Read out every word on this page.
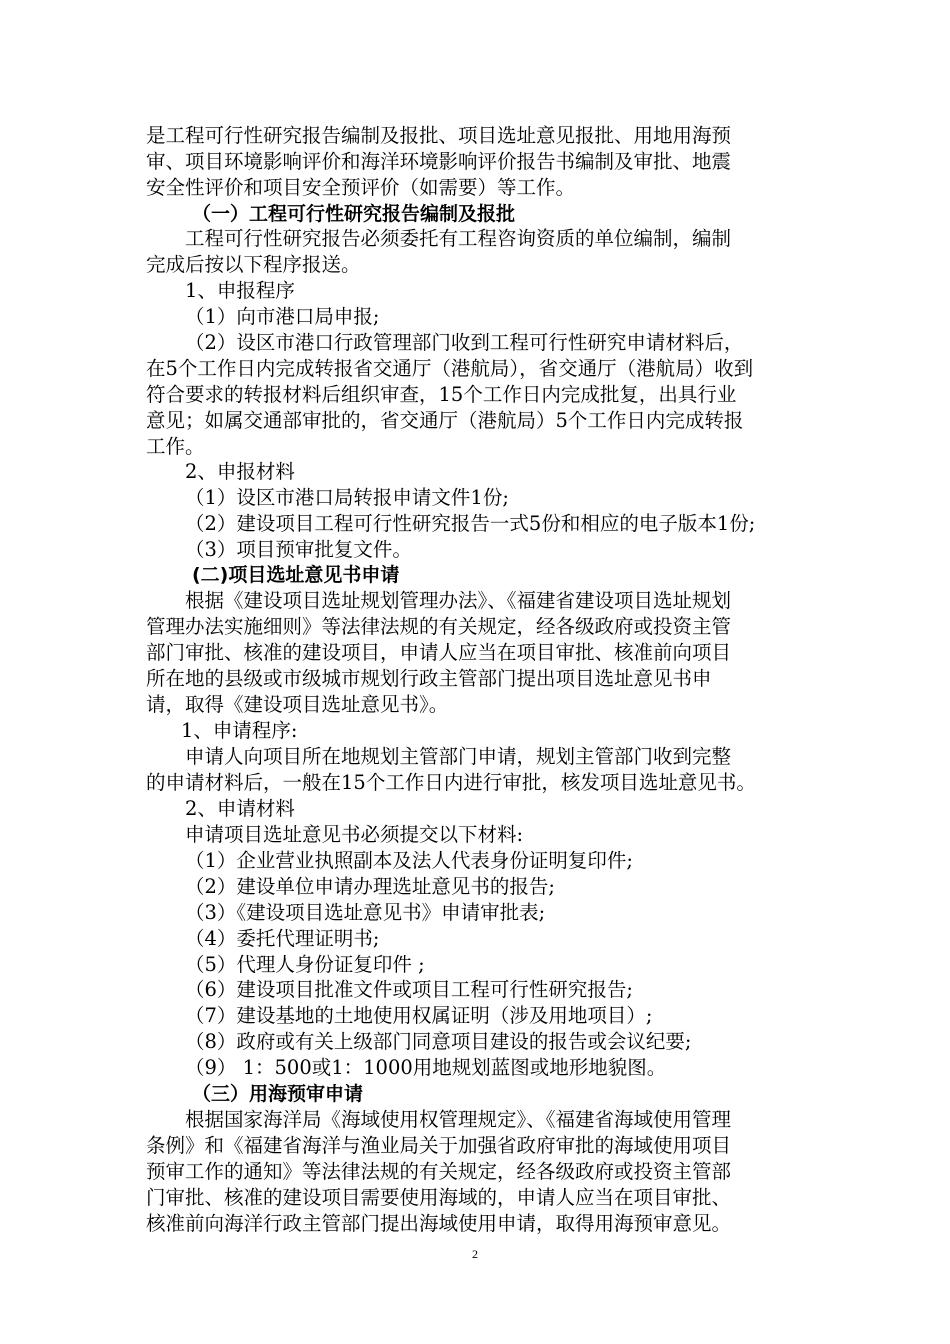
是工程可行性研究报告编制及报批、项目选址意见报批、用地用海预
审、项目环境影响评价和海洋环境影响评价报告书编制及审批、地震
安全性评价和项目安全预评价（如需要）等工作。
（一）工程可行性研究报告编制及报批
工程可行性研究报告必须委托有工程咨询资质的单位编制，编制
完成后按以下程序报送。
1、申报程序
（1）向市港口局申报;
（2）设区市港口行政管理部门收到工程可行性研究申请材料后，
在5个工作日内完成转报省交通厅（港航局），省交通厅（港航局）收到
符合要求的转报材料后组织审查，15个工作日内完成批复，出具行业
意见；如属交通部审批的，省交通厅（港航局）5个工作日内完成转报
工作。
2、申报材料
（1）设区市港口局转报申请文件1份;
（2）建设项目工程可行性研究报告一式5份和相应的电子版本1份;
（3）项目预审批复文件。
(二)项目选址意见书申请
根据《建设项目选址规划管理办法》、《福建省建设项目选址规划
管理办法实施细则》等法律法规的有关规定，经各级政府或投资主管
部门审批、核准的建设项目，申请人应当在项目审批、核准前向项目
所在地的县级或市级城市规划行政主管部门提出项目选址意见书申
请，取得《建设项目选址意见书》。
1、申请程序:
申请人向项目所在地规划主管部门申请，规划主管部门收到完整
的申请材料后，一般在15个工作日内进行审批，核发项目选址意见书。
2、申请材料
申请项目选址意见书必须提交以下材料:
（1）企业营业执照副本及法人代表身份证明复印件;
（2）建设单位申请办理选址意见书的报告;
（3）《建设项目选址意见书》申请审批表;
（4）委托代理证明书;
（5）代理人身份证复印件 ;
（6）建设项目批准文件或项目工程可行性研究报告;
（7）建设基地的土地使用权属证明（涉及用地项目）;
（8）政府或有关上级部门同意项目建设的报告或会议纪要;
（9） 1：500或1：1000用地规划蓝图或地形地貌图。
（三）用海预审申请
根据国家海洋局《海域使用权管理规定》、《福建省海域使用管理
条例》和《福建省海洋与渔业局关于加强省政府审批的海域使用项目
预审工作的通知》等法律法规的有关规定，经各级政府或投资主管部
门审批、核准的建设项目需要使用海域的，申请人应当在项目审批、
核准前向海洋行政主管部门提出海域使用申请，取得用海预审意见。
2
